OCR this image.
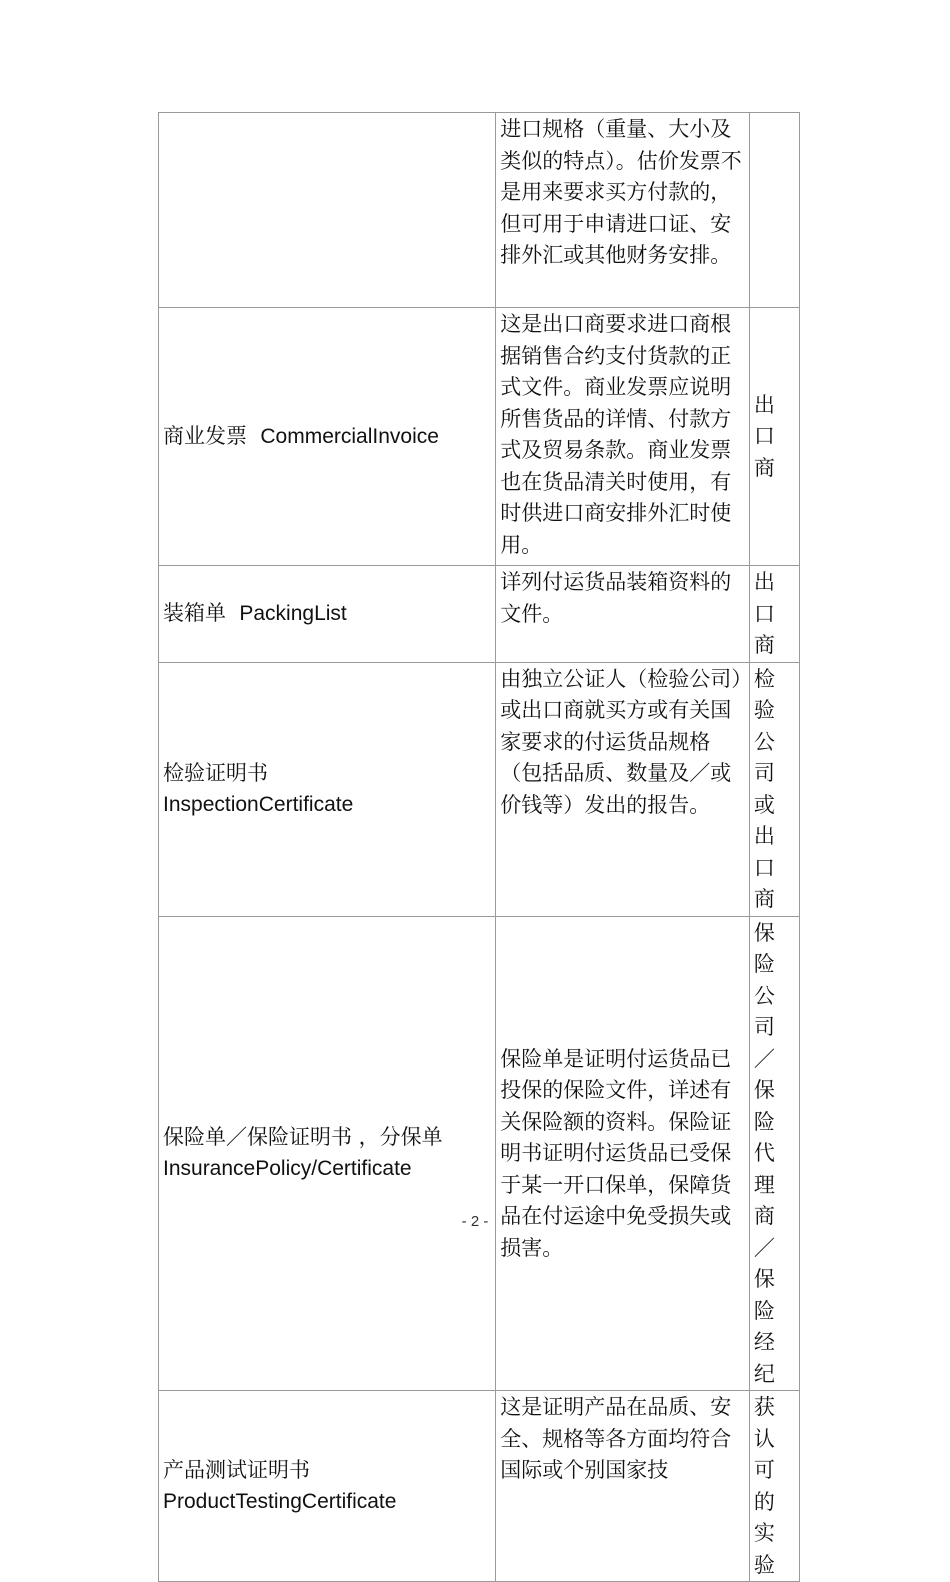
	进口规格（重量、大小及类似的特点）。估价发票不是用来要求买方付款的，但可用于申请进口证、安排外汇或其他财务安排。	
商业发票 CommercialInvoice	这是出口商要求进口商根据销售合约支付货款的正式文件。商业发票应说明所售货品的详情、付款方式及贸易条款。商业发票也在货品清关时使用，有时供进口商安排外汇时使用。	出口商
装箱单 PackingList	详列付运货品装箱资料的文件。	出口商

检验证明书
InspectionCertificate	由独立公证人（检验公司）或出口商就买方或有关国家要求的付运货品规格（包括品质、数量及／或价钱等）发出的报告。	检验公司或出口商

保险单／保险证明书 ，分保单
InsurancePolicy/Certificate	保险单是证明付运货品已投保的保险文件，详述有关保险额的资料。保险证明书证明付运货品已受保于某一开口保单，保障货品在付运途中免受损失或损害。	保险公司／保险代理商／保险经纪

产品测试证明书
ProductTestingCertificate	这是证明产品在品质、安全、规格等各方面均符合国际或个别国家技	获认可的实验
- 2 -
